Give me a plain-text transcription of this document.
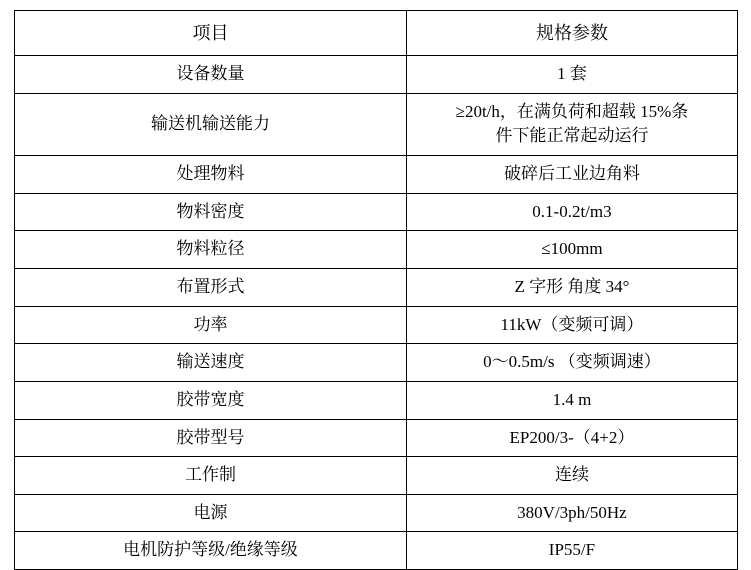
项目	规格参数
设备数量	1 套

输送机输送能力	≥20t/h，在满负荷和超载 15%条
件下能正常起动运行

处理物料	破碎后工业边角料
物料密度	0.1-0.2t/m3
物料粒径	≤100mm
布置形式	Z 字形 角度 34°
功率	11kW（变频可调）
输送速度	0～0.5m/s （变频调速）
胶带宽度	1.4 m
胶带型号	EP200/3-（4+2）
工作制	连续
电源	380V/3ph/50Hz
电机防护等级/绝缘等级	IP55/F
